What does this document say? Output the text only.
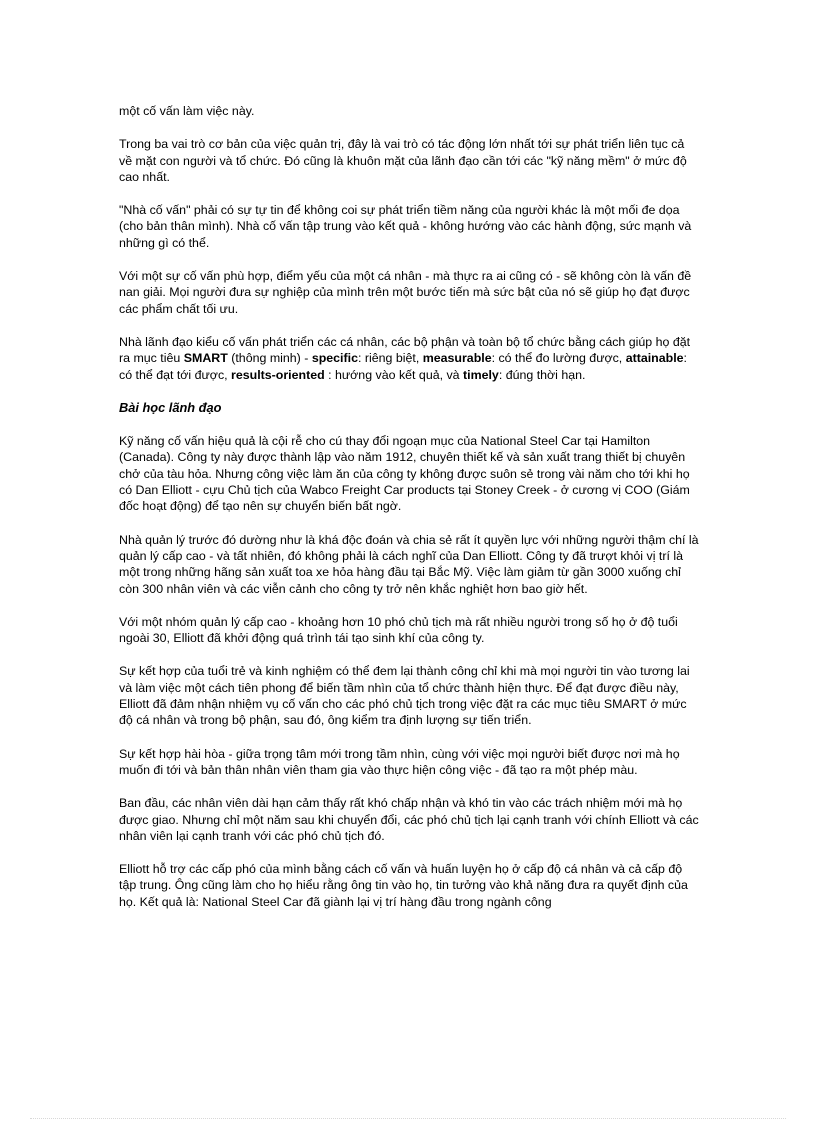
một cố vấn làm việc này.

Trong ba vai trò cơ bản của việc quản trị, đây là vai trò có tác động lớn nhất tới sự phát triển liên tục cả về mặt con người và tổ chức. Đó cũng là khuôn mặt của lãnh đạo cần tới các "kỹ năng mềm" ở mức độ cao nhất.

"Nhà cố vấn" phải có sự tự tin để không coi sự phát triển tiềm năng của người khác là một mối đe dọa (cho bản thân mình). Nhà cố vấn tập trung vào kết quả - không hướng vào các hành động, sức mạnh và những gì có thể.

Với một sự cố vấn phù hợp, điểm yếu của một cá nhân - mà thực ra ai cũng có - sẽ không còn là vấn đề nan giải. Mọi người đưa sự nghiệp của mình trên một bước tiến mà sức bật của nó sẽ giúp họ đạt được các phẩm chất tối ưu.

Nhà lãnh đạo kiểu cố vấn phát triển các cá nhân, các bộ phận và toàn bộ tổ chức bằng cách giúp họ đặt ra mục tiêu SMART (thông minh) - specific: riêng biệt, measurable: có thể đo lường được, attainable: có thể đạt tới được, results-oriented : hướng vào kết quả, và timely: đúng thời hạn.

Bài học lãnh đạo

Kỹ năng cố vấn hiệu quả là cội rễ cho cú thay đổi ngoạn mục của National Steel Car tại Hamilton (Canada). Công ty này được thành lập vào năm 1912, chuyên thiết kế và sản xuất trang thiết bị chuyên chở của tàu hỏa. Nhưng công việc làm ăn của công ty không được suôn sẻ trong vài năm cho tới khi họ có Dan Elliott - cựu Chủ tịch của Wabco Freight Car products tại Stoney Creek - ở cương vị COO (Giám đốc hoạt động) để tạo nên sự chuyển biến bất ngờ.

Nhà quản lý trước đó dường như là khá độc đoán và chia sẻ rất ít quyền lực với những người thậm chí là quản lý cấp cao - và tất nhiên, đó không phải là cách nghĩ của Dan Elliott. Công ty đã trượt khỏi vị trí là một trong những hãng sản xuất toa xe hỏa hàng đầu tại Bắc Mỹ. Việc làm giảm từ gần 3000 xuống chỉ còn 300 nhân viên và các viễn cảnh cho công ty trở nên khắc nghiệt hơn bao giờ hết.

Với một nhóm quản lý cấp cao - khoảng hơn 10 phó chủ tịch mà rất nhiều người trong số họ ở độ tuổi ngoài 30, Elliott đã khởi động quá trình tái tạo sinh khí của công ty.

Sự kết hợp của tuổi trẻ và kinh nghiệm có thể đem lại thành công chỉ khi mà mọi người tin vào tương lai và làm việc một cách tiên phong để biến tầm nhìn của tổ chức thành hiện thực. Để đạt được điều này, Elliott đã đảm nhận nhiệm vụ cố vấn cho các phó chủ tịch trong việc đặt ra các mục tiêu SMART ở mức độ cá nhân và trong bộ phận, sau đó, ông kiểm tra định lượng sự tiến triển.

Sự kết hợp hài hòa - giữa trọng tâm mới trong tầm nhìn, cùng với việc mọi người biết được nơi mà họ muốn đi tới và bản thân nhân viên tham gia vào thực hiện công việc - đã tạo ra một phép màu.

Ban đầu, các nhân viên dài hạn cảm thấy rất khó chấp nhận và khó tin vào các trách nhiệm mới mà họ được giao. Nhưng chỉ một năm sau khi chuyển đổi, các phó chủ tịch lại cạnh tranh với chính Elliott và các nhân viên lại cạnh tranh với các phó chủ tịch đó.

Elliott hỗ trợ các cấp phó của mình bằng cách cố vấn và huấn luyện họ ở cấp độ cá nhân và cả cấp độ tập trung. Ông cũng làm cho họ hiểu rằng ông tin vào họ, tin tưởng vào khả năng đưa ra quyết định của họ. Kết quả là: National Steel Car đã giành lại vị trí hàng đầu trong ngành công
